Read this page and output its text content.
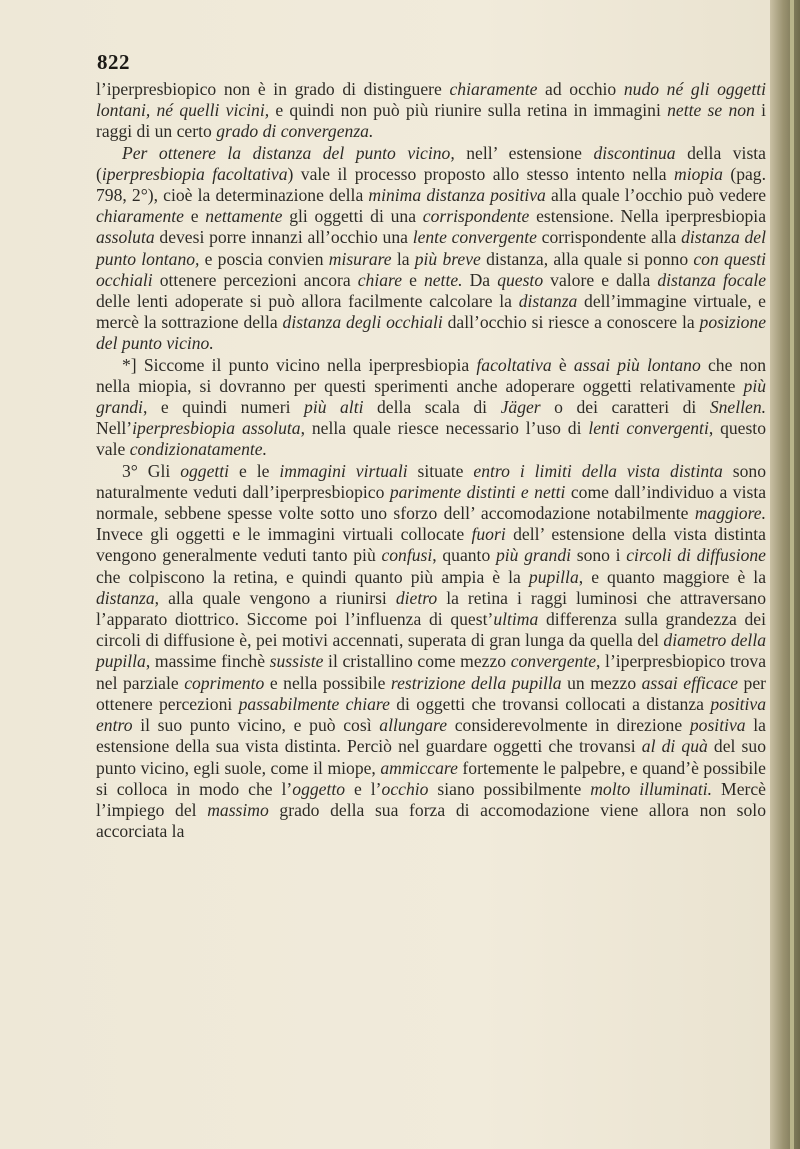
822

l’iperpresbiopico non è in grado di distinguere chiaramente ad occhio nudo né gli oggetti lontani, né quelli vicini, e quindi non può più riunire sulla retina in immagini nette se non i raggi di un certo grado di convergenza.

Per ottenere la distanza del punto vicino, nell’ estensione discontinua della vista (iperpresbiopia facoltativa) vale il processo proposto allo stesso intento nella miopia (pag. 798, 2°), cioè la determinazione della minima distanza positiva alla quale l’occhio può vedere chiaramente e nettamente gli oggetti di una corrispondente estensione. Nella iperpresbiopia assoluta devesi porre innanzi all’occhio una lente convergente corrispondente alla distanza del punto lontano, e poscia convien misurare la più breve distanza, alla quale si ponno con questi occhiali ottenere percezioni ancora chiare e nette. Da questo valore e dalla distanza focale delle lenti adoperate si può allora facilmente calcolare la distanza dell’immagine virtuale, e mercè la sottrazione della distanza degli occhiali dall’occhio si riesce a conoscere la posizione del punto vicino.

*] Siccome il punto vicino nella iperpresbiopia facoltativa è assai più lontano che non nella miopia, si dovranno per questi sperimenti anche adoperare oggetti relativamente più grandi, e quindi numeri più alti della scala di Jäger o dei caratteri di Snellen. Nell’iperpresbiopia assoluta, nella quale riesce necessario l’uso di lenti convergenti, questo vale condizionatamente.

3° Gli oggetti e le immagini virtuali situate entro i limiti della vista distinta sono naturalmente veduti dall’iperpresbiopico parimente distinti e netti come dall’individuo a vista normale, sebbene spesse volte sotto uno sforzo dell’ accomodazione notabilmente maggiore. Invece gli oggetti e le immagini virtuali collocate fuori dell’ estensione della vista distinta vengono generalmente veduti tanto più confusi, quanto più grandi sono i circoli di diffusione che colpiscono la retina, e quindi quanto più ampia è la pupilla, e quanto maggiore è la distanza, alla quale vengono a riunirsi dietro la retina i raggi luminosi che attraversano l’apparato diottrico. Siccome poi l’influenza di quest’ultima differenza sulla grandezza dei circoli di diffusione è, pei motivi accennati, superata di gran lunga da quella del diametro della pupilla, massime finchè sussiste il cristallino come mezzo convergente, l’iperpresbiopico trova nel parziale coprimento e nella possibile restrizione della pupilla un mezzo assai efficace per ottenere percezioni passabilmente chiare di oggetti che trovansi collocati a distanza positiva entro il suo punto vicino, e può così allungare considerevolmente in direzione positiva la estensione della sua vista distinta. Perciò nel guardare oggetti che trovansi al di quà del suo punto vicino, egli suole, come il miope, ammiccare fortemente le palpebre, e quand’è possibile si colloca in modo che l’oggetto e l’occhio siano possibilmente molto illuminati. Mercè l’impiego del massimo grado della sua forza di accomodazione viene allora non solo accorciata la
